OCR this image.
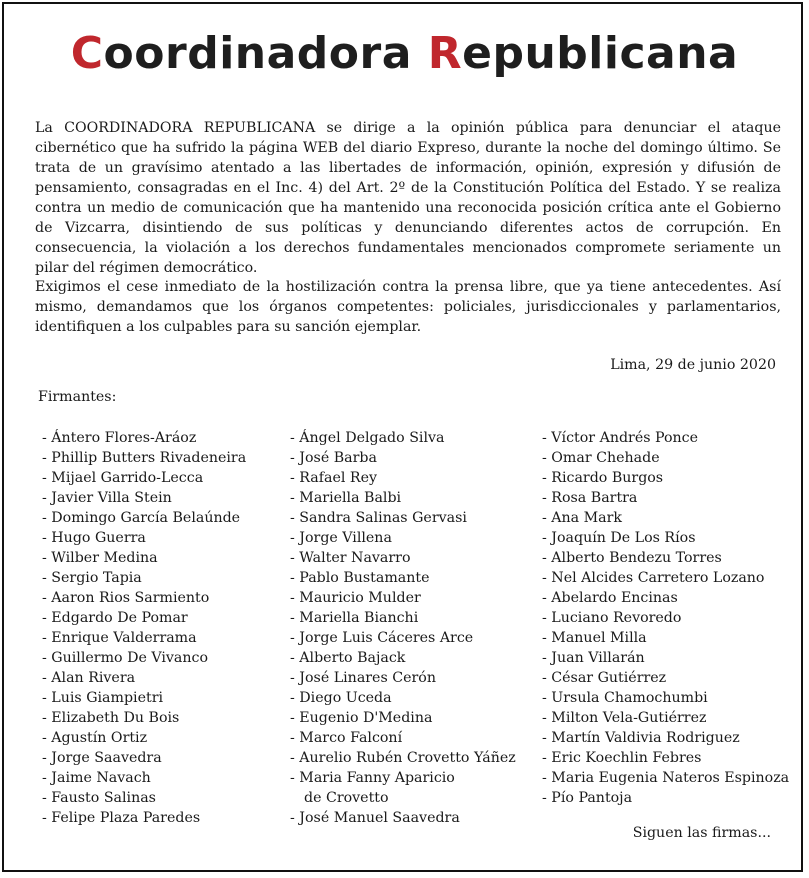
Coordinadora Republicana

La COORDINADORA REPUBLICANA se dirige a la opinión pública para denunciar el ataque cibernético que ha sufrido la página WEB del diario Expreso, durante la noche del domingo último. Se trata de un gravísimo atentado a las libertades de información, opinión, expresión y difusión de pensamiento, consagradas en el Inc. 4) del Art. 2º de la Constitución Política del Estado. Y se realiza contra un medio de comunicación que ha mantenido una reconocida posición crítica ante el Gobierno de Vizcarra, disintiendo de sus políticas y denunciando diferentes actos de corrupción. En consecuencia, la violación a los derechos fundamentales mencionados compromete seriamente un pilar del régimen democrático.

Exigimos el cese inmediato de la hostilización contra la prensa libre, que ya tiene antecedentes. Así mismo, demandamos que los órganos competentes: policiales, jurisdiccionales y parlamentarios, identifiquen a los culpables para su sanción ejemplar.

Lima, 29 de junio 2020
Firmantes:
- Ántero Flores-Aráoz
- Phillip Butters Rivadeneira
- Mijael Garrido-Lecca
- Javier Villa Stein
- Domingo García Belaúnde
- Hugo Guerra
- Wilber Medina
- Sergio Tapia
- Aaron Rios Sarmiento
- Edgardo De Pomar
- Enrique Valderrama
- Guillermo De Vivanco
- Alan Rivera
- Luis Giampietri
- Elizabeth Du Bois
- Agustín Ortiz
- Jorge Saavedra
- Jaime Navach
- Fausto Salinas
- Felipe Plaza Paredes
- Ángel Delgado Silva
- José Barba
- Rafael Rey
- Mariella Balbi
- Sandra Salinas Gervasi
- Jorge Villena
- Walter Navarro
- Pablo Bustamante
- Mauricio Mulder
- Mariella Bianchi
- Jorge Luis Cáceres Arce
- Alberto Bajack
- José Linares Cerón
- Diego Uceda
- Eugenio D'Medina
- Marco Falconí
- Aurelio Rubén Crovetto Yáñez
- Maria Fanny Aparicio
de Crovetto
- José Manuel Saavedra
- Víctor Andrés Ponce
- Omar Chehade
- Ricardo Burgos
- Rosa Bartra
- Ana Mark
- Joaquín De Los Ríos
- Alberto Bendezu Torres
- Nel Alcides Carretero Lozano
- Abelardo Encinas
- Luciano Revoredo
- Manuel Milla
- Juan Villarán
- César Gutiérrez
- Ursula Chamochumbi
- Milton Vela-Gutiérrez
- Martín Valdivia Rodriguez
- Eric Koechlin Febres
- Maria Eugenia Nateros Espinoza
- Pío Pantoja
Siguen las firmas...
